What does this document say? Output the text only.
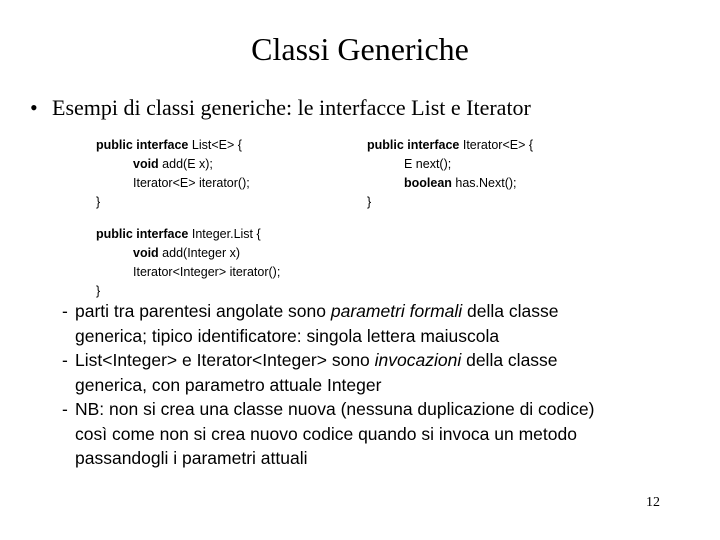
Classi Generiche
• Esempi di classi generiche: le interfacce List e Iterator
public interface List<E> {
void add(E x);
Iterator<E> iterator();
}
public interface Iterator<E> {
E next();
boolean has.Next();
}
public interface Integer.List {
void add(Integer x)
Iterator<Integer> iterator();
}
- parti tra parentesi angolate sono parametri formali della classe
generica; tipico identificatore: singola lettera maiuscola
- List<Integer> e Iterator<Integer> sono invocazioni della classe
generica, con parametro attuale Integer
- NB: non si crea una classe nuova (nessuna duplicazione di codice)
così come non si crea nuovo codice quando si invoca un metodo
passandogli i parametri attuali
12
